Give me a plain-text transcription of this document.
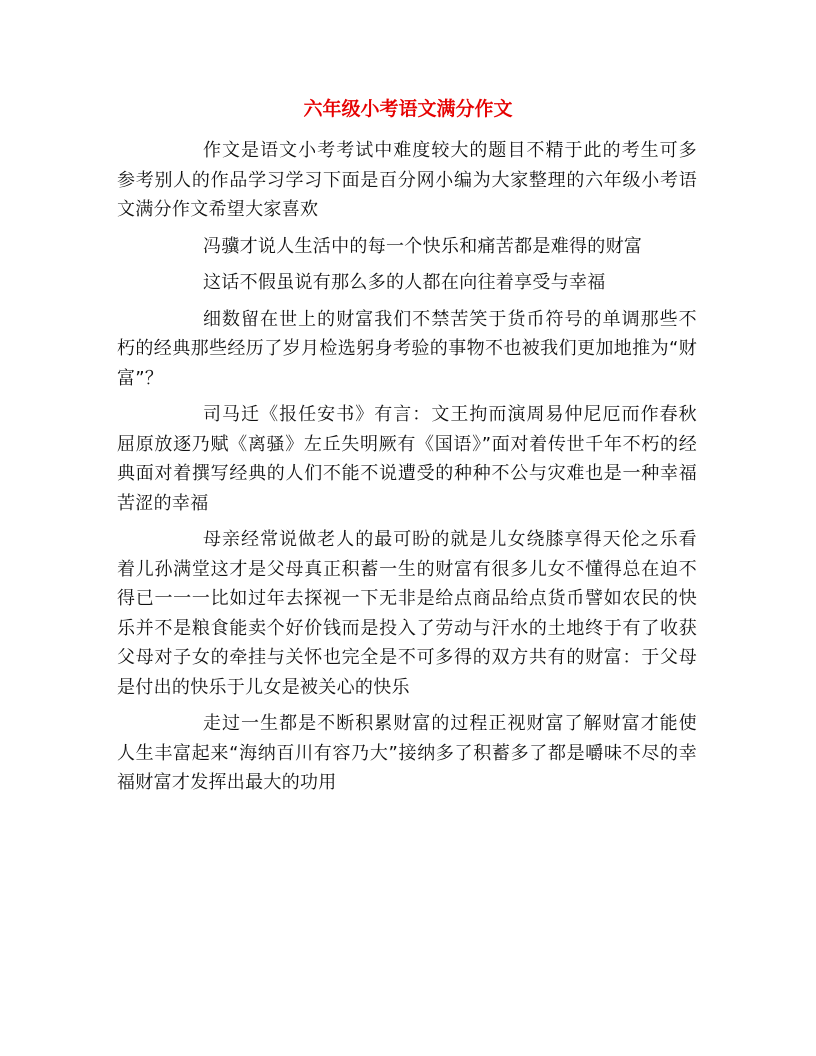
六年级小考语文满分作文

作文是语文小考考试中难度较大的题目不精于此的考生可多参考别人的作品学习学习下面是百分网小编为大家整理的六年级小考语文满分作文希望大家喜欢

冯骥才说人生活中的每一个快乐和痛苦都是难得的财富

这话不假虽说有那么多的人都在向往着享受与幸福

细数留在世上的财富我们不禁苦笑于货币符号的单调那些不朽的经典那些经历了岁月检选躬身考验的事物不也被我们更加地推为“财富”？

司马迁《报任安书》有言：文王拘而演周易仲尼厄而作春秋屈原放逐乃赋《离骚》左丘失明厥有《国语》”面对着传世千年不朽的经典面对着撰写经典的人们不能不说遭受的种种不公与灾难也是一种幸福苦涩的幸福

母亲经常说做老人的最可盼的就是儿女绕膝享得天伦之乐看着儿孙满堂这才是父母真正积蓄一生的财富有很多儿女不懂得总在迫不得已一一一比如过年去探视一下无非是给点商品给点货币譬如农民的快乐并不是粮食能卖个好价钱而是投入了劳动与汗水的土地终于有了收获父母对子女的牵挂与关怀也完全是不可多得的双方共有的财富：于父母是付出的快乐于儿女是被关心的快乐

走过一生都是不断积累财富的过程正视财富了解财富才能使人生丰富起来“海纳百川有容乃大”接纳多了积蓄多了都是嚼味不尽的幸福财富才发挥出最大的功用
